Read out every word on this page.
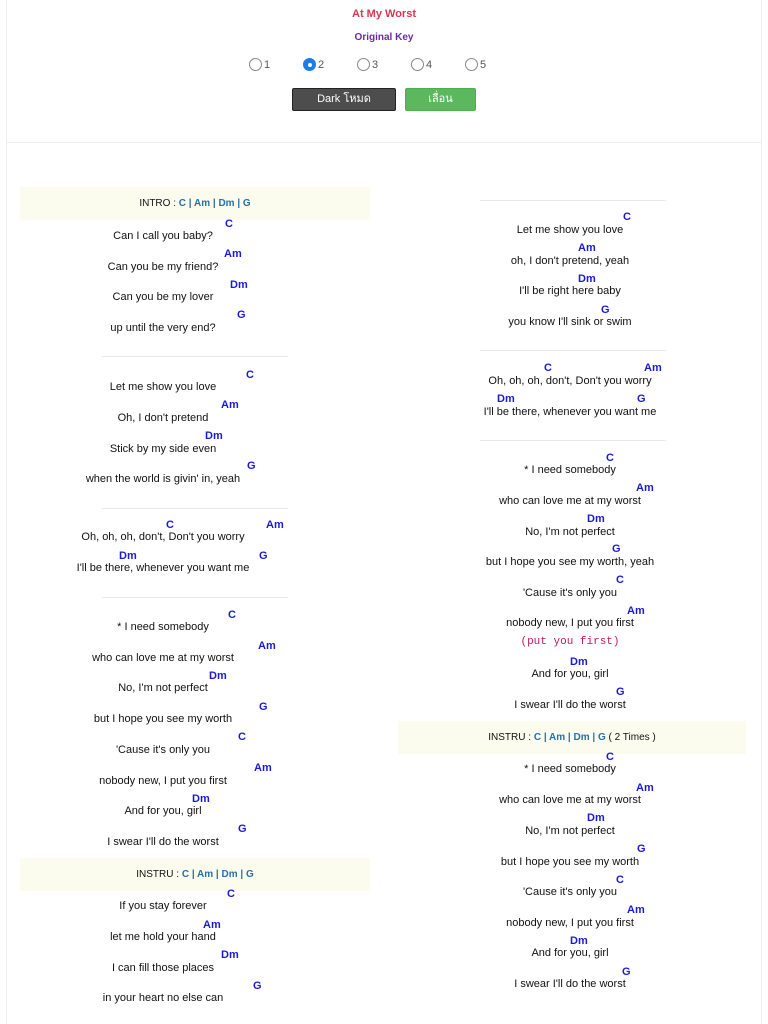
At My Worst
Original Key
1	2	3	4	5
Dark โหมด	เลื่อน
INTRO : C | Am | Dm | G
C
Can I call you baby?
Am
Can you be my friend?
Dm
Can you be my lover
G
up until the very end?
C
Let me show you love
Am
Oh, I don't pretend
Dm
Stick by my side even
G
when the world is givin' in, yeah
C	Am
Oh, oh, oh, don't, Don't you worry
Dm	G
I'll be there, whenever you want me
C
* I need somebody
Am
who can love me at my worst
Dm
No, I'm not perfect
G
but I hope you see my worth
C
'Cause it's only you
Am
nobody new, I put you first
Dm
And for you, girl
G
I swear I'll do the worst
INSTRU : C | Am | Dm | G
C
If you stay forever
Am
let me hold your hand
Dm
I can fill those places
G
in your heart no else can
C
Let me show you love
Am
oh, I don't pretend, yeah
Dm
I'll be right here baby
G
you know I'll sink or swim
C	Am
Oh, oh, oh, don't, Don't you worry
Dm	G
I'll be there, whenever you want me
C
* I need somebody
Am
who can love me at my worst
Dm
No, I'm not perfect
G
but I hope you see my worth, yeah
C
'Cause it's only you
Am
nobody new, I put you first
(put you first)
Dm
And for you, girl
G
I swear I'll do the worst
INSTRU : C | Am | Dm | G ( 2 Times )
C
* I need somebody
Am
who can love me at my worst
Dm
No, I'm not perfect
G
but I hope you see my worth
C
'Cause it's only you
Am
nobody new, I put you first
Dm
And for you, girl
G
I swear I'll do the worst
